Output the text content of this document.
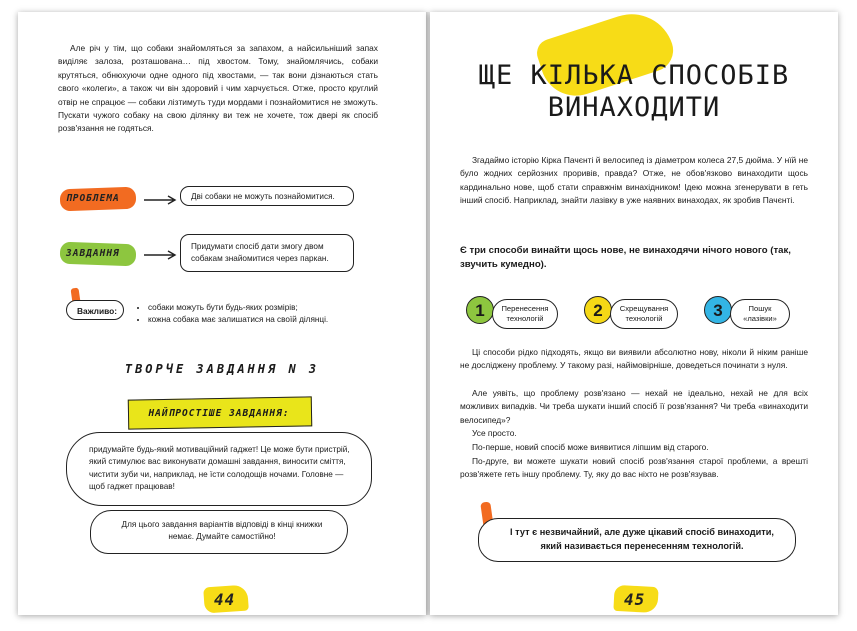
Але річ у тім, що собаки знайомляться за запахом, а найсильніший запах виділяє залоза, розташована… під хвостом. Тому, знайомлячись, собаки крутяться, обнюхуючи одне одного під хвостами, — так вони дізнаються стать свого «колеги», а також чи він здоровий і чим харчується. Отже, просто круглий отвір не спрацює — собаки лізтимуть туди мордами і познайомитися не зможуть. Пускати чужого собаку на свою ділянку ви теж не хочете, тож двері як спосіб розв'язання не годяться.
ПРОБЛЕМА	Дві собаки не можуть познайомитися.
ЗАВДАННЯ
Придумати спосіб дати змогу двом собакам знайомитися через паркан.
Важливо:
•	собаки можуть бути будь-яких розмірів;
• кожна собака має залишатися на своїй ділянці.
ТВОРЧЕ ЗАВДАННЯ N 3
НАЙПРОСТІШЕ ЗАВДАННЯ:
придумайте будь-який мотиваційний гаджет! Це може бути пристрій, який стимулює вас виконувати домашні завдання, виносити сміття, чистити зуби чи, наприклад, не їсти солодощів ночами. Головне — щоб гаджет працював!
Для цього завдання варіантів відповіді в кінці книжки немає. Думайте самостійно!
44
ЩЕ КІЛЬКА СПОСОБІВ
ВИНАХОДИТИ
Згадаймо історію Кірка Пачєнті й велосипед із діаметром колеса 27,5 дюйма. У нїй не було жодних серйозних проривів, правда? Отже, не обов'язково винаходити щось кардинально нове, щоб стати справжнім винахідником! Ідею можна згенерувати в геть інший спосіб. Наприклад, знайти лазівку в уже наявних винаходах, як зробив Пачєнті.
Є три способи винайти щось нове, не винаходячи нічого нового (так, звучить кумедно).
1	Перенесення технологій	2	Схрещування технологій	3	Пошук «лазівки»
Ці способи рідко підходять, якщо ви виявили абсолютно нову, ніколи й ніким раніше не досліджену проблему. У такому разі, найімовірніше, доведеться починати з нуля.
Але уявіть, що проблему розв'язано — нехай не ідеально, нехай не для всіх можливих випадків. Чи треба шукати інший спосіб її розв'язання? Чи треба «винаходити велосипед»?
Усе просто.
По-перше, новий спосіб може виявитися ліпшим від старого.
По-друге, ви можете шукати новий спосіб розв'язання старої проблеми, а врешті розв'яжете геть іншу проблему. Ту, яку до вас ніхто не розв'язував.
І тут є незвичайний, але дуже цікавий спосіб винаходити, який називається перенесенням технологій.
45
